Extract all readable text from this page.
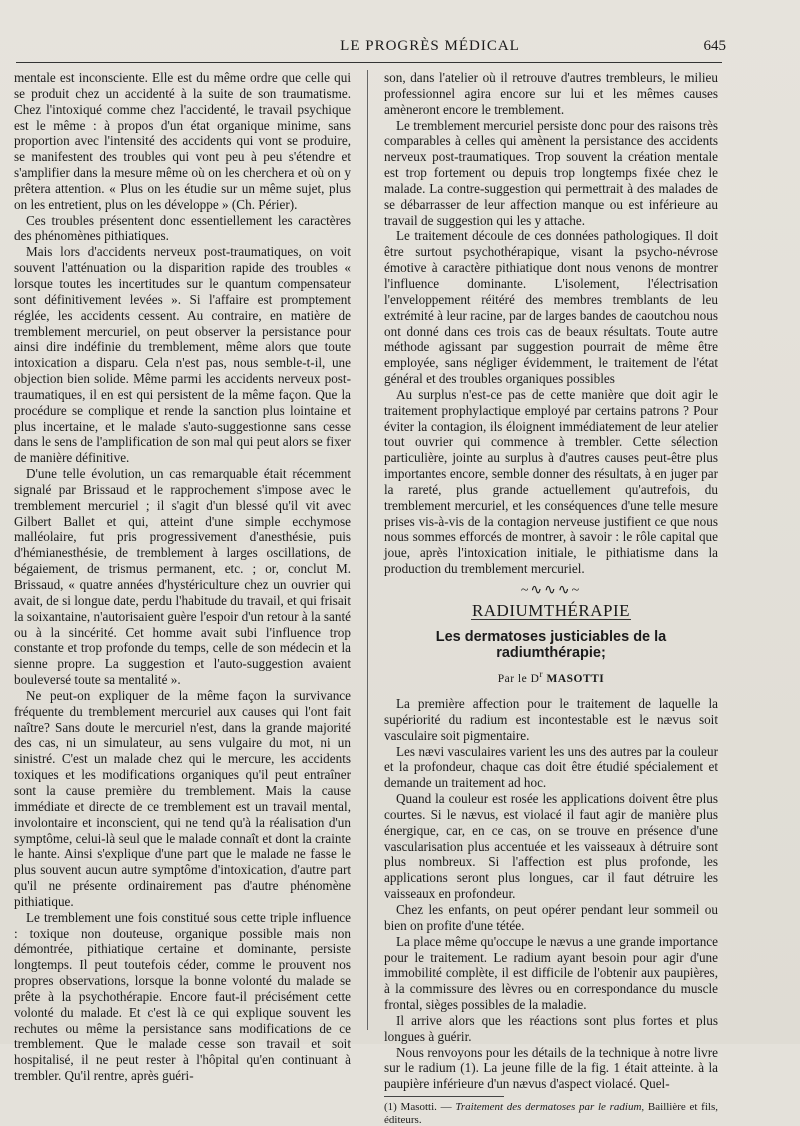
LE PROGRÈS MÉDICAL	645

mentale est inconsciente. Elle est du même ordre que celle qui se produit chez un accidenté à la suite de son traumatisme. Chez l'intoxiqué comme chez l'accidenté, le travail psychique est le même : à propos d'un état organique minime, sans proportion avec l'intensité des accidents qui vont se produire, se manifestent des troubles qui vont peu à peu s'étendre et s'amplifier dans la mesure même où on les cherchera et où on y prêtera attention. « Plus on les étudie sur un même sujet, plus on les entretient, plus on les développe » (Ch. Périer).

Ces troubles présentent donc essentiellement les caractères des phénomènes pithiatiques.

Mais lors d'accidents nerveux post-traumatiques, on voit souvent l'atténuation ou la disparition rapide des troubles « lorsque toutes les incertitudes sur le quantum compensateur sont définitivement levées ». Si l'affaire est promptement réglée, les accidents cessent. Au contraire, en matière de tremblement mercuriel, on peut observer la persistance pour ainsi dire indéfinie du tremblement, même alors que toute intoxication a disparu. Cela n'est pas, nous semble-t-il, une objection bien solide. Même parmi les accidents nerveux post-traumatiques, il en est qui persistent de la même façon. Que la procédure se complique et rende la sanction plus lointaine et plus incertaine, et le malade s'auto-suggestionne sans cesse dans le sens de l'amplification de son mal qui peut alors se fixer de manière définitive.

D'une telle évolution, un cas remarquable était récemment signalé par Brissaud et le rapprochement s'impose avec le tremblement mercuriel ; il s'agit d'un blessé qu'il vit avec Gilbert Ballet et qui, atteint d'une simple ecchymose malléolaire, fut pris progressivement d'anesthésie, puis d'hémianesthésie, de tremblement à larges oscillations, de bégaiement, de trismus permanent, etc. ; or, conclut M. Brissaud, « quatre années d'hystériculture chez un ouvrier qui avait, de si longue date, perdu l'habitude du travail, et qui frisait la soixantaine, n'autorisaient guère l'espoir d'un retour à la santé ou à la sincérité. Cet homme avait subi l'influence trop constante et trop profonde du temps, celle de son médecin et la sienne propre. La suggestion et l'auto-suggestion avaient bouleversé toute sa mentalité ».

Ne peut-on expliquer de la même façon la survivance fréquente du tremblement mercuriel aux causes qui l'ont fait naître? Sans doute le mercuriel n'est, dans la grande majorité des cas, ni un simulateur, au sens vulgaire du mot, ni un sinistré. C'est un malade chez qui le mercure, les accidents toxiques et les modifications organiques qu'il peut entraîner sont la cause première du tremblement. Mais la cause immédiate et directe de ce tremblement est un travail mental, involontaire et inconscient, qui ne tend qu'à la réalisation d'un symptôme, celui-là seul que le malade connaît et dont la crainte le hante. Ainsi s'explique d'une part que le malade ne fasse le plus souvent aucun autre symptôme d'intoxication, d'autre part qu'il ne présente ordinairement pas d'autre phénomène pithiatique.

Le tremblement une fois constitué sous cette triple influence : toxique non douteuse, organique possible mais non démontrée, pithiatique certaine et dominante, persiste longtemps. Il peut toutefois céder, comme le prouvent nos propres observations, lorsque la bonne volonté du malade se prête à la psychothérapie. Encore faut-il précisément cette volonté du malade. Et c'est là ce qui explique souvent les rechutes ou même la persistance sans modifications de ce tremblement. Que le malade cesse son travail et soit hospitalisé, il ne peut rester à l'hôpital qu'en continuant à trembler. Qu'il rentre, après guéri-

son, dans l'atelier où il retrouve d'autres trembleurs, le milieu professionnel agira encore sur lui et les mêmes causes amèneront encore le tremblement.

Le tremblement mercuriel persiste donc pour des raisons très comparables à celles qui amènent la persistance des accidents nerveux post-traumatiques. Trop souvent la création mentale est trop fortement ou depuis trop longtemps fixée chez le malade. La contre-suggestion qui permettrait à des malades de se débarrasser de leur affection manque ou est inférieure au travail de suggestion qui les y attache.

Le traitement découle de ces données pathologiques. Il doit être surtout psychothérapique, visant la psycho-névrose émotive à caractère pithiatique dont nous venons de montrer l'influence dominante. L'isolement, l'électrisation l'enveloppement réitéré des membres tremblants de leu extrémité à leur racine, par de larges bandes de caoutchou nous ont donné dans ces trois cas de beaux résultats. Toute autre méthode agissant par suggestion pourrait de même être employée, sans négliger évidemment, le traitement de l'état général et des troubles organiques possibles

Au surplus n'est-ce pas de cette manière que doit agir le traitement prophylactique employé par certains patrons ? Pour éviter la contagion, ils éloignent immédiatement de leur atelier tout ouvrier qui commence à trembler. Cette sélection particulière, jointe au surplus à d'autres causes peut-être plus importantes encore, semble donner des résultats, à en juger par la rareté, plus grande actuellement qu'autrefois, du tremblement mercuriel, et les conséquences d'une telle mesure prises vis-à-vis de la contagion nerveuse justifient ce que nous nous sommes efforcés de montrer, à savoir : le rôle capital que joue, après l'intoxication initiale, le pithiatisme dans la production du tremblement mercuriel.

~∿∿∿~
RADIUMTHÉRAPIE
Les dermatoses justiciables de la radiumthérapie;
Par le $D^r$ MASOTTI

La première affection pour le traitement de laquelle la supériorité du radium est incontestable est le nævus soit vasculaire soit pigmentaire.

Les nævi vasculaires varient les uns des autres par la couleur et la profondeur, chaque cas doit être étudié spécialement et demande un traitement ad hoc.

Quand la couleur est rosée les applications doivent être plus courtes. Si le nævus, est violacé il faut agir de manière plus énergique, car, en ce cas, on se trouve en présence d'une vascularisation plus accentuée et les vaisseaux à détruire sont plus nombreux. Si l'affection est plus profonde, les applications seront plus longues, car il faut détruire les vaisseaux en profondeur.

Chez les enfants, on peut opérer pendant leur sommeil ou bien on profite d'une tétée.

La place même qu'occupe le nævus a une grande importance pour le traitement. Le radium ayant besoin pour agir d'une immobilité complète, il est difficile de l'obtenir aux paupières, à la commissure des lèvres ou en correspondance du muscle frontal, sièges possibles de la maladie.

Il arrive alors que les réactions sont plus fortes et plus longues à guérir.

Nous renvoyons pour les détails de la technique à notre livre sur le radium (1). La jeune fille de la fig. 1 était atteinte. à la paupière inférieure d'un nævus d'aspect violacé. Quel-

(1) Masotti. — Traitement des dermatoses par le radium, Baillière et fils, éditeurs.
